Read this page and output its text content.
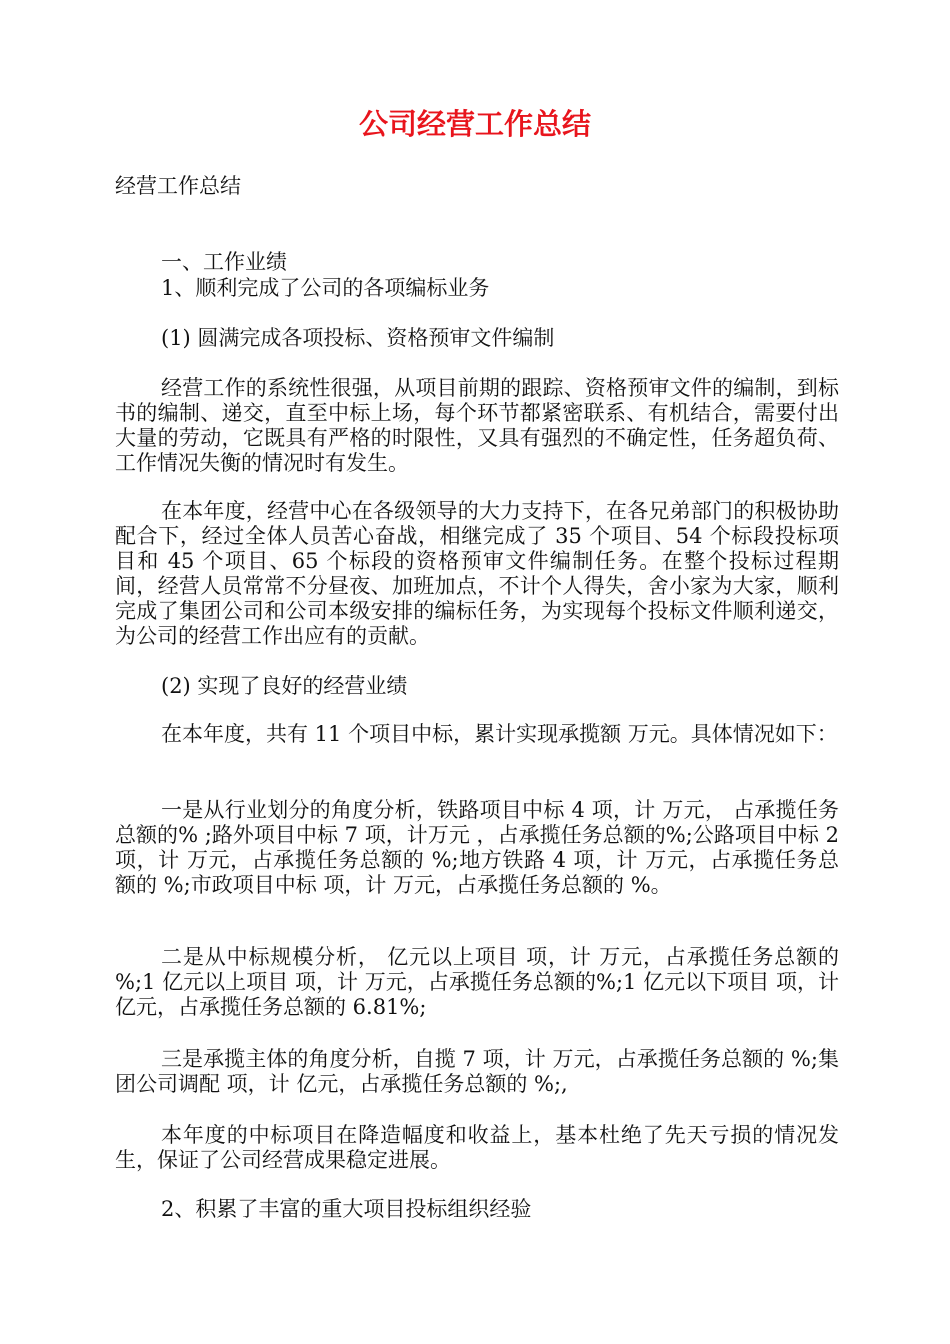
公司经营工作总结

经营工作总结

一、工作业绩

1、顺利完成了公司的各项编标业务

(1) 圆满完成各项投标、资格预审文件编制

经营工作的系统性很强，从项目前期的跟踪、资格预审文件的编制，到标书的编制、递交，直至中标上场，每个环节都紧密联系、有机结合，需要付出大量的劳动，它既具有严格的时限性，又具有强烈的不确定性，任务超负荷、工作情况失衡的情况时有发生。

在本年度，经营中心在各级领导的大力支持下，在各兄弟部门的积极协助配合下，经过全体人员苦心奋战，相继完成了 35 个项目、54 个标段投标项目和 45 个项目、65 个标段的资格预审文件编制任务。在整个投标过程期间，经营人员常常不分昼夜、加班加点，不计个人得失，舍小家为大家，顺利完成了集团公司和公司本级安排的编标任务，为实现每个投标文件顺利递交，为公司的经营工作出应有的贡献。

(2) 实现了良好的经营业绩

在本年度，共有 11 个项目中标，累计实现承揽额 万元。具体情况如下：

一是从行业划分的角度分析，铁路项目中标 4 项，计 万元， 占承揽任务总额的% ;路外项目中标 7 项，计万元 ，占承揽任务总额的%;公路项目中标 2 项，计 万元，占承揽任务总额的 %;地方铁路 4 项，计 万元，占承揽任务总额的 %;市政项目中标 项，计 万元，占承揽任务总额的 %。

二是从中标规模分析， 亿元以上项目 项，计 万元，占承揽任务总额的 %;1 亿元以上项目 项，计 万元，占承揽任务总额的%;1 亿元以下项目 项，计 亿元，占承揽任务总额的 6.81%;

三是承揽主体的角度分析，自揽 7 项，计 万元，占承揽任务总额的 %;集团公司调配 项，计 亿元，占承揽任务总额的 %;,

本年度的中标项目在降造幅度和收益上，基本杜绝了先天亏损的情况发生，保证了公司经营成果稳定进展。

2、积累了丰富的重大项目投标组织经验
